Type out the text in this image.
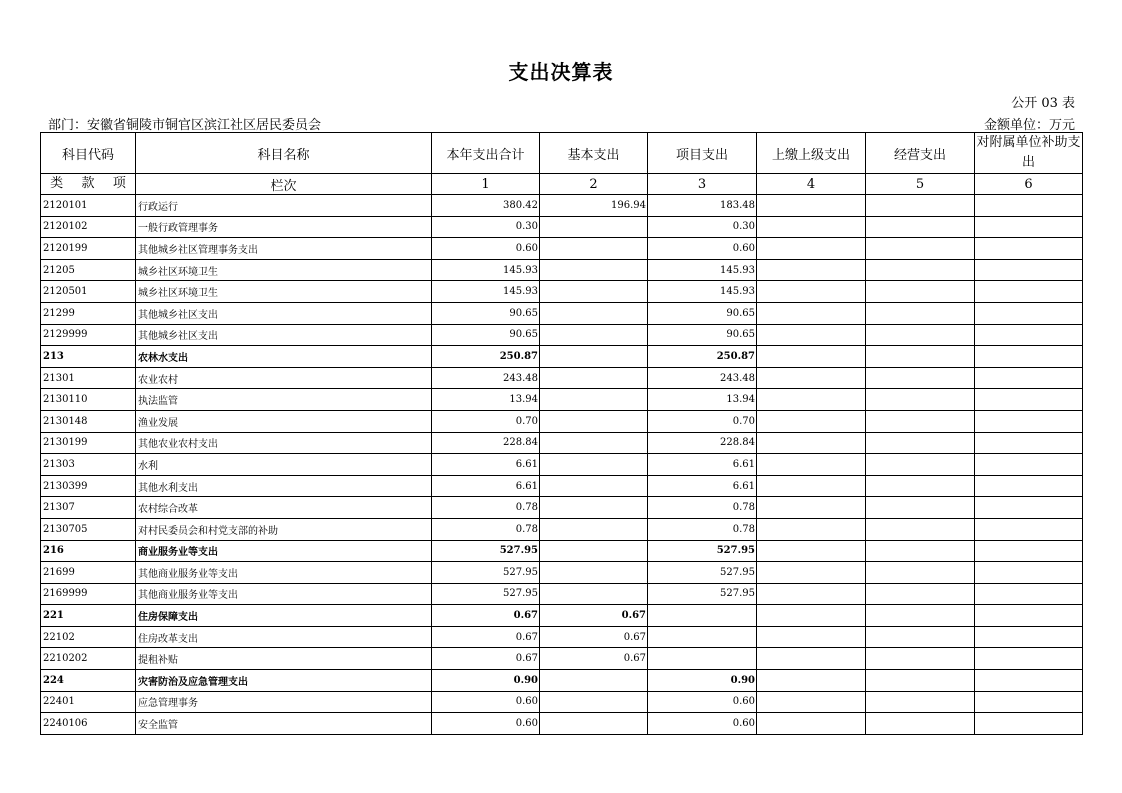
支出决算表
公开 03 表
部门：安徽省铜陵市铜官区滨江社区居民委员会	金额单位：万元
科目代码	科目名称	本年支出合计	基本支出	项目支出	上缴上级支出	经营支出	对附属单位补助支出

类 款 项	栏次	1	2	3	4	5	6
2120101	行政运行	380.42	196.94	183.48			
2120102	一般行政管理事务	0.30		0.30			
2120199	其他城乡社区管理事务支出	0.60		0.60			
21205	城乡社区环境卫生	145.93		145.93			
2120501	城乡社区环境卫生	145.93		145.93			
21299	其他城乡社区支出	90.65		90.65			
2129999	其他城乡社区支出	90.65		90.65			
213	农林水支出	250.87		250.87			
21301	农业农村	243.48		243.48			
2130110	执法监管	13.94		13.94			
2130148	渔业发展	0.70		0.70			
2130199	其他农业农村支出	228.84		228.84			
21303	水利	6.61		6.61			
2130399	其他水利支出	6.61		6.61			
21307	农村综合改革	0.78		0.78			
2130705	对村民委员会和村党支部的补助	0.78		0.78			
216	商业服务业等支出	527.95		527.95			
21699	其他商业服务业等支出	527.95		527.95			
2169999	其他商业服务业等支出	527.95		527.95			
221	住房保障支出	0.67	0.67				
22102	住房改革支出	0.67	0.67				
2210202	提租补贴	0.67	0.67				
224	灾害防治及应急管理支出	0.90		0.90			
22401	应急管理事务	0.60		0.60			
2240106	安全监管	0.60		0.60			
